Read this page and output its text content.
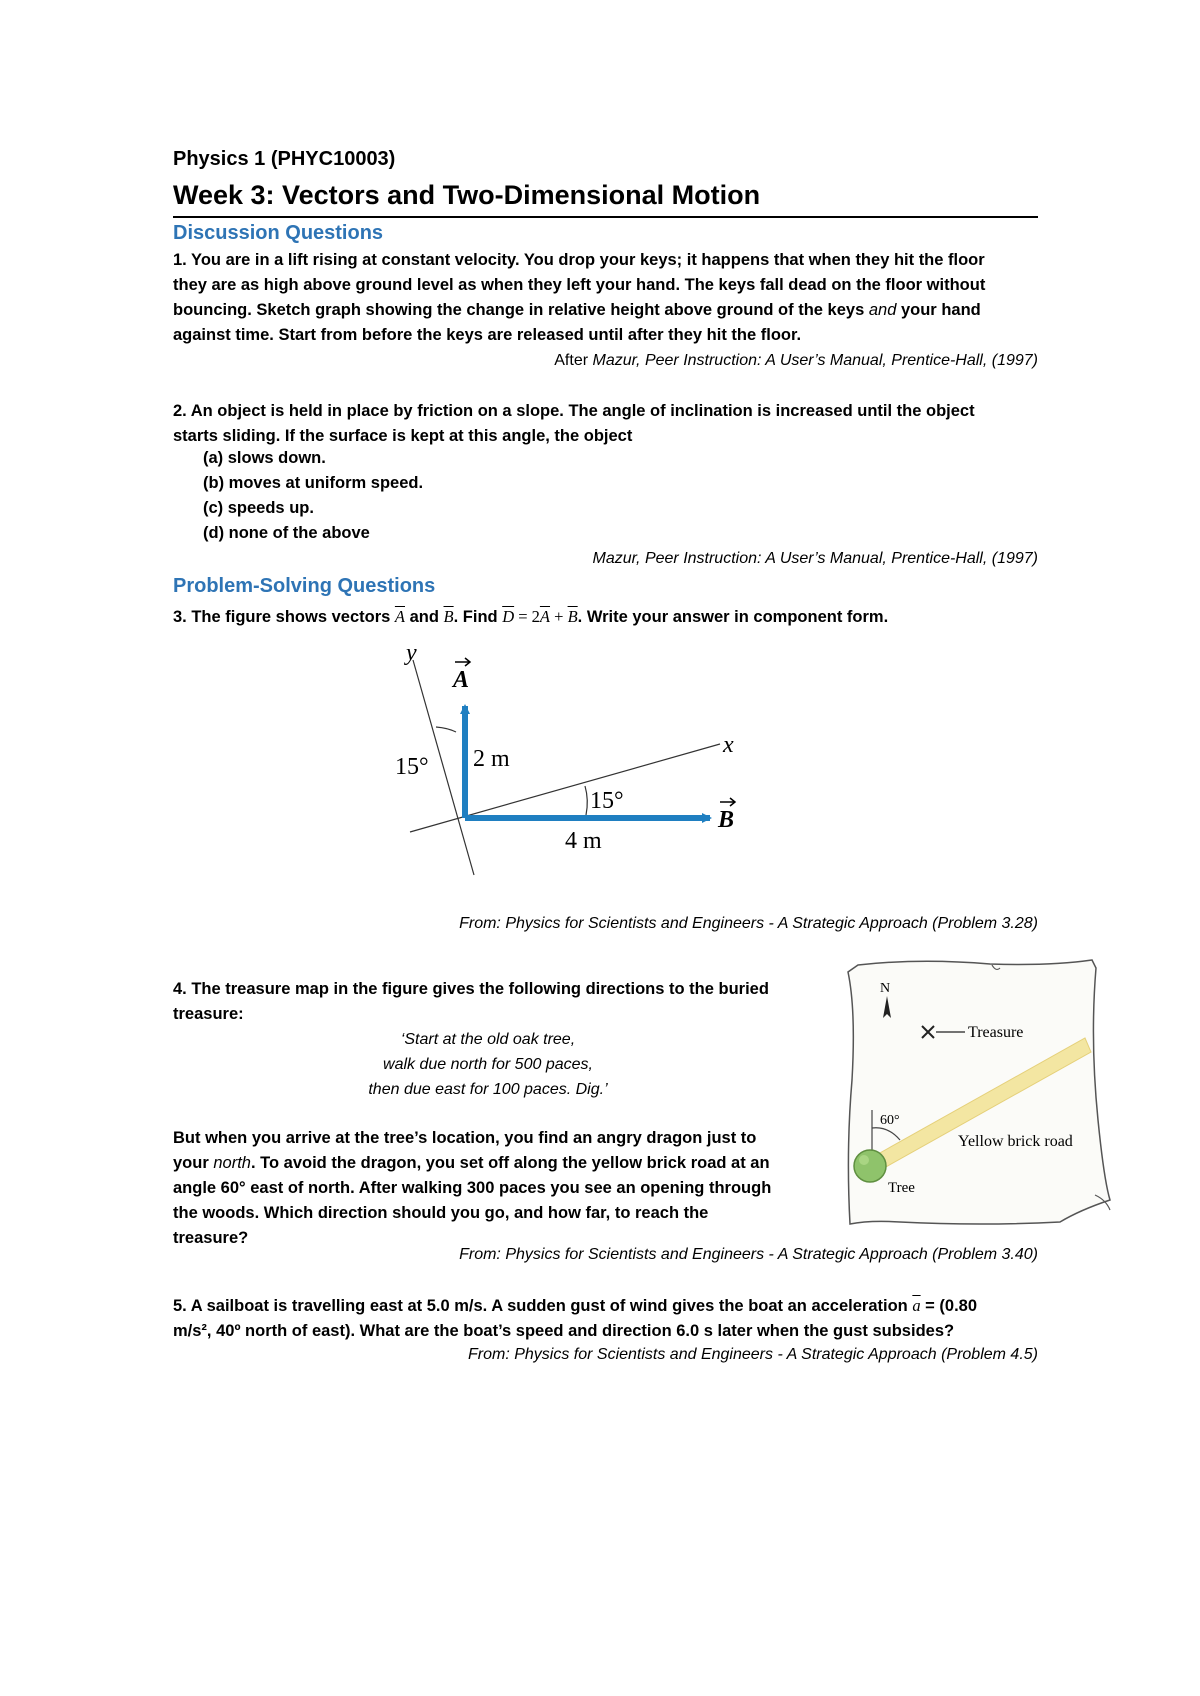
Physics 1 (PHYC10003)
Week 3: Vectors and Two-Dimensional Motion
Discussion Questions

1. You are in a lift rising at constant velocity. You drop your keys; it happens that when they hit the floor

they are as high above ground level as when they left your hand. The keys fall dead on the floor without

bouncing. Sketch graph showing the change in relative height above ground of the keys and your hand

against time. Start from before the keys are released until after they hit the floor.

After Mazur, Peer Instruction: A User’s Manual, Prentice-Hall, (1997)

2. An object is held in place by friction on a slope. The angle of inclination is increased until the object

starts sliding. If the surface is kept at this angle, the object

(a) slows down.
(b) moves at uniform speed.
(c) speeds up.
(d) none of the above
Mazur, Peer Instruction: A User’s Manual, Prentice-Hall, (1997)
Problem-Solving Questions

3. The figure shows vectors $\overline{A}$ and $\overline{B}$. Find $\overline{D} = 2\overline{A} + \overline{B}$. Write your answer in component form.

y
x
A
B
15°
15°
2 m
4 m
From: Physics for Scientists and Engineers - A Strategic Approach (Problem 3.28)
4. The treasure map in the figure gives the following directions to the buried
treasure:
‘Start at the old oak tree,
walk due north for 500 paces,
then due east for 100 paces. Dig.’
But when you arrive at the tree’s location, you find an angry dragon just to
your north. To avoid the dragon, you set off along the yellow brick road at an
angle 60° east of north. After walking 300 paces you see an opening through
the woods. Which direction should you go, and how far, to reach the
treasure?
N
Treasure
Yellow brick road
60°
Tree
From: Physics for Scientists and Engineers - A Strategic Approach (Problem 3.40)

5. A sailboat is travelling east at 5.0 m/s. A sudden gust of wind gives the boat an acceleration $\overline{a} = (0.80$

m/s², 40º north of east). What are the boat’s speed and direction 6.0 s later when the gust subsides?

From: Physics for Scientists and Engineers - A Strategic Approach (Problem 4.5)
